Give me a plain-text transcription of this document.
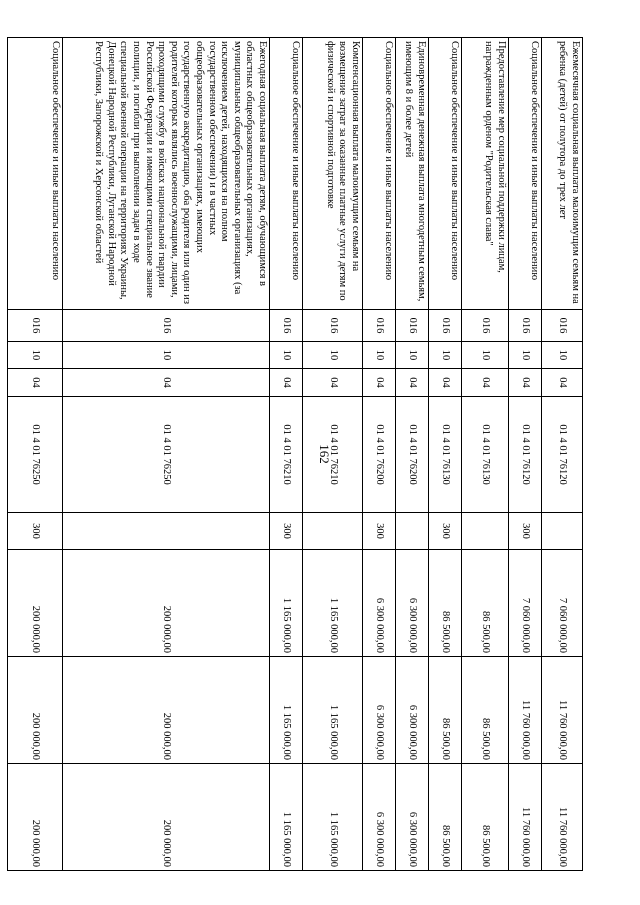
162
Ежемесячная социальная выплата малоимущим семьям на ребенка (детей) от полутора до трех лет	016	10	04	01 4 01 76120		7 060 000,00	11 760 000,00	11 760 000,00
Социальное обеспечение и иные выплаты населению	016	10	04	01 4 01 76120	300	7 060 000,00	11 760 000,00	11 760 000,00
Предоставление мер социальной поддержки лицам, награжденным орденом "Родительская слава"	016	10	04	01 4 01 76130		86 500,00	86 500,00	86 500,00
Социальное обеспечение и иные выплаты населению	016	10	04	01 4 01 76130	300	86 500,00	86 500,00	86 500,00
Единовременная денежная выплата многодетным семьям, имеющим 8 и более детей	016	10	04	01 4 01 76200		6 300 000,00	6 300 000,00	6 300 000,00
Социальное обеспечение и иные выплаты населению	016	10	04	01 4 01 76200	300	6 300 000,00	6 300 000,00	6 300 000,00
Компенсационная выплата малоимущим семьям на возмещение затрат за оказанные платные услуги детям по физической и спортивной подготовке	016	10	04	01 4 01 76210		1 165 000,00	1 165 000,00	1 165 000,00
Социальное обеспечение и иные выплаты населению	016	10	04	01 4 01 76210	300	1 165 000,00	1 165 000,00	1 165 000,00
Ежегодная социальная выплата детям, обучающимся в областных общеобразовательных организациях, муниципальных общеобразовательных организациях (за исключением детей, находящихся на полном государственном обеспечении) и в частных общеобразовательных организациях, имеющих государственную аккредитацию, оба родителя или один из родителей которых являлись военнослужащими, лицами, проходящими службу в войсках национальной гвардии Российской Федерации и имеющими специальное звание полиции, и погибли при выполнении задач в ходе специальной военной операции на территориях Украины, Донецкой Народной Республики, Луганской Народной Республики, Запорожской и Херсонской областей	016	10	04	01 4 01 76250		200 000,00	200 000,00	200 000,00
Социальное обеспечение и иные выплаты населению	016	10	04	01 4 01 76250	300	200 000,00	200 000,00	200 000,00
